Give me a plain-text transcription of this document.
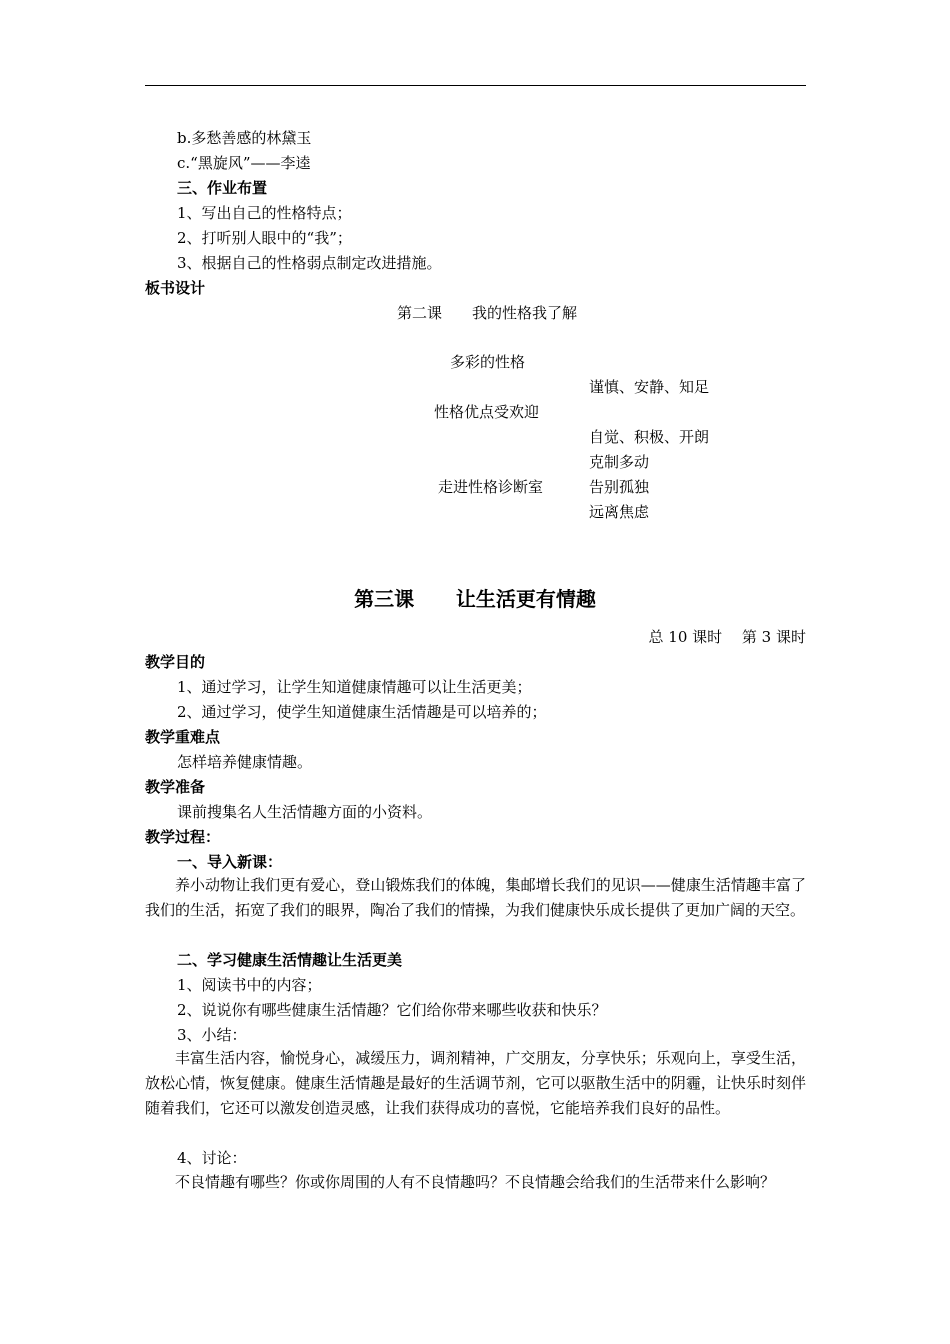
b.多愁善感的林黛玉
c.“黑旋风”——李逵
三、作业布置
1、写出自己的性格特点；
2、打听别人眼中的“我”；
3、根据自己的性格弱点制定改进措施。
板书设计
第二课　　我的性格我了解
多彩的性格
谨慎、安静、知足
性格优点受欢迎
自觉、积极、开朗
克制多动
走进性格诊断室	告别孤独
远离焦虑
第三课 让生活更有情趣
总 10 课时　 第 3 课时
教学目的
1、通过学习，让学生知道健康情趣可以让生活更美；
2、通过学习，使学生知道健康生活情趣是可以培养的；
教学重难点
怎样培养健康情趣。
教学准备
课前搜集名人生活情趣方面的小资料。
教学过程：
一、导入新课：
养小动物让我们更有爱心，登山锻炼我们的体魄，集邮增长我们的见识——健康生活情趣丰富了我们的生活，拓宽了我们的眼界，陶冶了我们的情操，为我们健康快乐成长提供了更加广阔的天空。
二、学习健康生活情趣让生活更美
1、阅读书中的内容；
2、说说你有哪些健康生活情趣？它们给你带来哪些收获和快乐？
3、小结：
丰富生活内容，愉悦身心，减缓压力，调剂精神，广交朋友，分享快乐；乐观向上，享受生活，放松心情，恢复健康。健康生活情趣是最好的生活调节剂，它可以驱散生活中的阴霾，让快乐时刻伴随着我们，它还可以激发创造灵感，让我们获得成功的喜悦，它能培养我们良好的品性。
4、讨论：
不良情趣有哪些？你或你周围的人有不良情趣吗？不良情趣会给我们的生活带来什么影响？
